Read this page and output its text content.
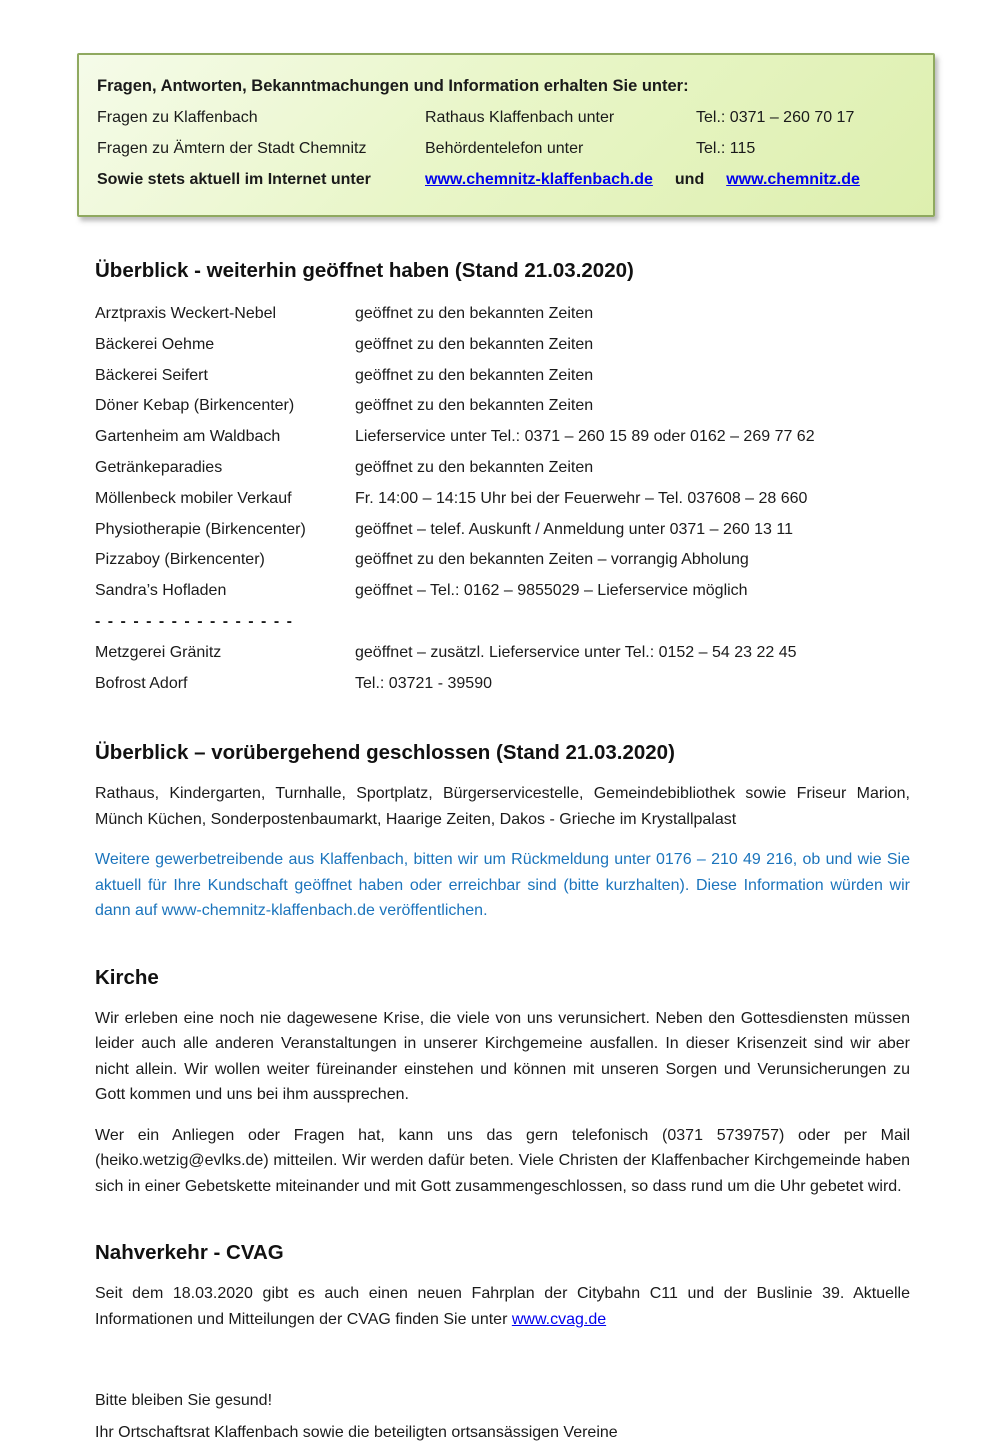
Fragen, Antworten, Bekanntmachungen und Information erhalten Sie unter:
Fragen zu Klaffenbach	Rathaus Klaffenbach unter	Tel.: 0371 – 260 70 17
Fragen zu Ämtern der Stadt Chemnitz	Behördentelefon unter	Tel.: 115
Sowie stets aktuell im Internet unter	www.chemnitz-klaffenbach.de und www.chemnitz.de
Überblick - weiterhin geöffnet haben (Stand 21.03.2020)
Arztpraxis Weckert-Nebel	geöffnet zu den bekannten Zeiten
Bäckerei Oehme	geöffnet zu den bekannten Zeiten
Bäckerei Seifert	geöffnet zu den bekannten Zeiten
Döner Kebap (Birkencenter)	geöffnet zu den bekannten Zeiten
Gartenheim am Waldbach	Lieferservice unter Tel.: 0371 – 260 15 89 oder 0162 – 269 77 62
Getränkeparadies	geöffnet zu den bekannten Zeiten
Möllenbeck mobiler Verkauf	Fr. 14:00 – 14:15 Uhr bei der Feuerwehr – Tel. 037608 – 28 660
Physiotherapie (Birkencenter)	geöffnet – telef. Auskunft / Anmeldung unter 0371 – 260 13 11
Pizzaboy (Birkencenter)	geöffnet zu den bekannten Zeiten – vorrangig Abholung
Sandra’s Hofladen	geöffnet – Tel.: 0162 – 9855029 – Lieferservice möglich
- - - - - - - - - - - - - - - -
Metzgerei Gränitz	geöffnet – zusätzl. Lieferservice unter Tel.: 0152 – 54 23 22 45
Bofrost Adorf	Tel.: 03721 - 39590
Überblick – vorübergehend geschlossen (Stand 21.03.2020)

Rathaus, Kindergarten, Turnhalle, Sportplatz, Bürgerservicestelle, Gemeindebibliothek sowie Friseur Marion, Münch Küchen, Sonderpostenbaumarkt, Haarige Zeiten, Dakos - Grieche im Krystallpalast

Weitere gewerbetreibende aus Klaffenbach, bitten wir um Rückmeldung unter 0176 – 210 49 216, ob und wie Sie aktuell für Ihre Kundschaft geöffnet haben oder erreichbar sind (bitte kurzhalten). Diese Information würden wir dann auf www-chemnitz-klaffenbach.de veröffentlichen.

Kirche

Wir erleben eine noch nie dagewesene Krise, die viele von uns verunsichert. Neben den Gottesdiensten müssen leider auch alle anderen Veranstaltungen in unserer Kirchgemeine ausfallen. In dieser Krisenzeit sind wir aber nicht allein. Wir wollen weiter füreinander einstehen und können mit unseren Sorgen und Verunsicherungen zu Gott kommen und uns bei ihm aussprechen.

Wer ein Anliegen oder Fragen hat, kann uns das gern telefonisch (0371 5739757) oder per Mail (heiko.wetzig@evlks.de) mitteilen. Wir werden dafür beten. Viele Christen der Klaffenbacher Kirchgemeinde haben sich in einer Gebetskette miteinander und mit Gott zusammengeschlossen, so dass rund um die Uhr gebetet wird.

Nahverkehr - CVAG

Seit dem 18.03.2020 gibt es auch einen neuen Fahrplan der Citybahn C11 und der Buslinie 39. Aktuelle Informationen und Mitteilungen der CVAG finden Sie unter www.cvag.de

Bitte bleiben Sie gesund!

Ihr Ortschaftsrat Klaffenbach sowie die beteiligten ortsansässigen Vereine
